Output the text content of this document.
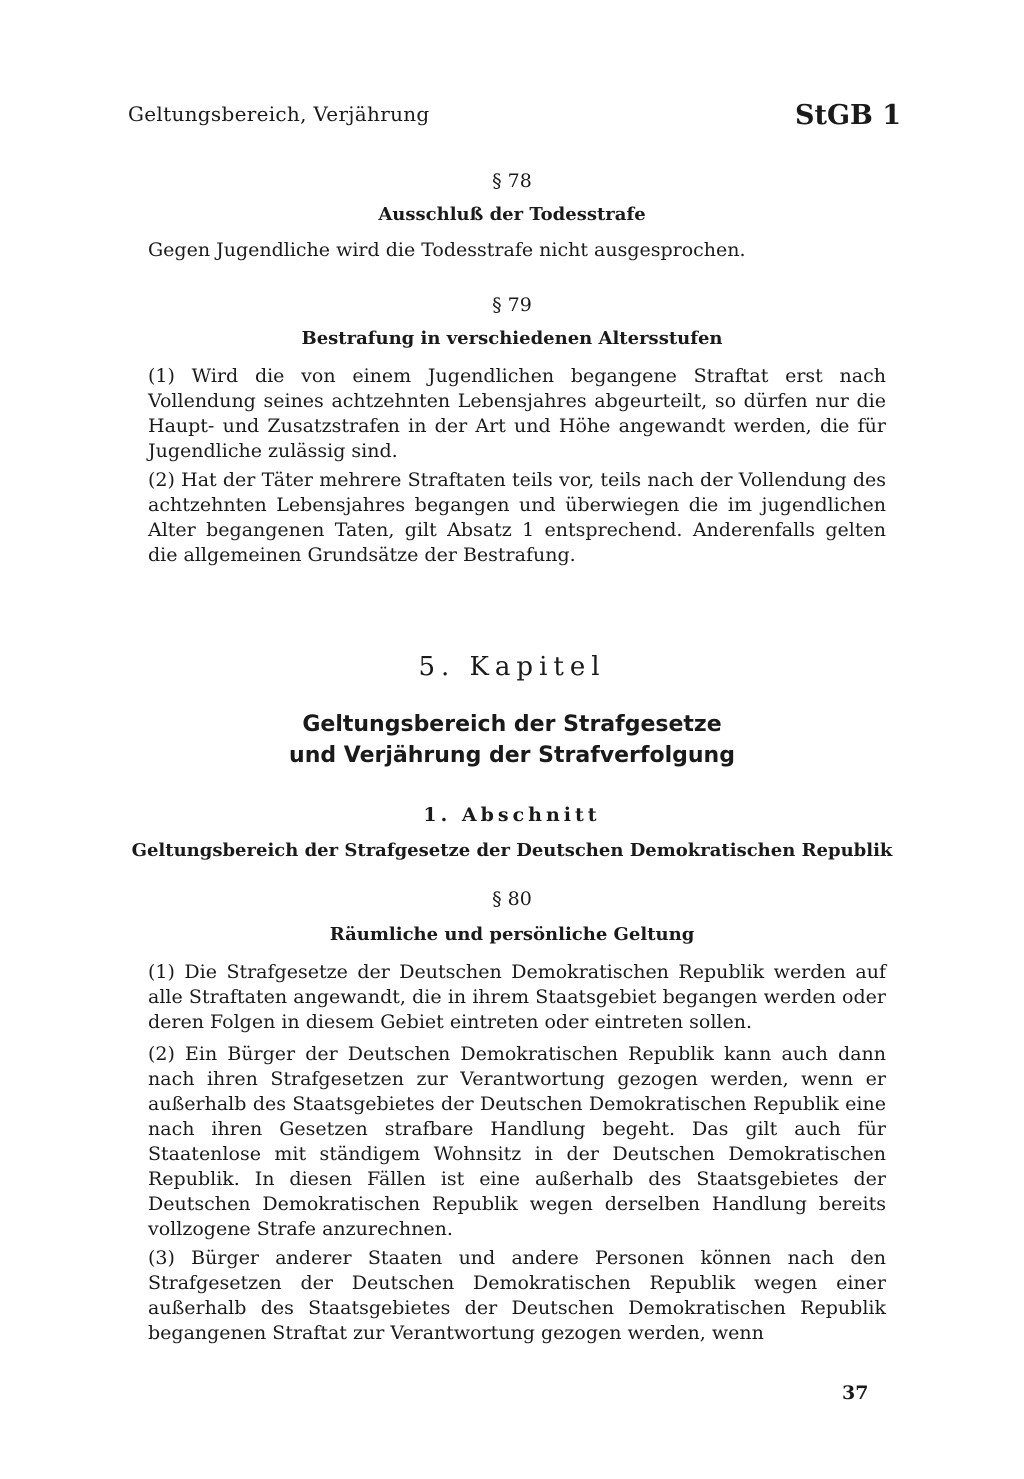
Geltungsbereich, Verjährung	StGB 1
§ 78
Ausschluß der Todesstrafe

Gegen Jugendliche wird die Todesstrafe nicht ausgesprochen.

§ 79
Bestrafung in verschiedenen Altersstufen

(1) Wird die von einem Jugendlichen begangene Straftat erst nach Vollendung seines achtzehnten Lebensjahres abgeurteilt, so dürfen nur die Haupt- und Zusatzstrafen in der Art und Höhe angewandt werden, die für Jugendliche zulässig sind.

(2) Hat der Täter mehrere Straftaten teils vor, teils nach der Vollendung des achtzehnten Lebensjahres begangen und überwiegen die im jugendlichen Alter begangenen Taten, gilt Absatz 1 entsprechend. Anderenfalls gelten die allgemeinen Grundsätze der Bestrafung.

5. Kapitel
Geltungsbereich der Strafgesetze
und Verjährung der Strafverfolgung
1. Abschnitt
Geltungsbereich der Strafgesetze der Deutschen Demokratischen Republik
§ 80
Räumliche und persönliche Geltung

(1) Die Strafgesetze der Deutschen Demokratischen Republik werden auf alle Straftaten angewandt, die in ihrem Staatsgebiet begangen werden oder deren Folgen in diesem Gebiet eintreten oder eintreten sollen.

(2) Ein Bürger der Deutschen Demokratischen Republik kann auch dann nach ihren Strafgesetzen zur Verantwortung gezogen werden, wenn er außerhalb des Staatsgebietes der Deutschen Demokratischen Republik eine nach ihren Gesetzen strafbare Handlung begeht. Das gilt auch für Staatenlose mit ständigem Wohnsitz in der Deutschen Demokratischen Republik. In diesen Fällen ist eine außerhalb des Staatsgebietes der Deutschen Demokratischen Republik wegen derselben Handlung bereits vollzogene Strafe anzurechnen.

(3) Bürger anderer Staaten und andere Personen können nach den Strafgesetzen der Deutschen Demokratischen Republik wegen einer außerhalb des Staatsgebietes der Deutschen Demokratischen Republik begangenen Straftat zur Verantwortung gezogen werden, wenn

37
